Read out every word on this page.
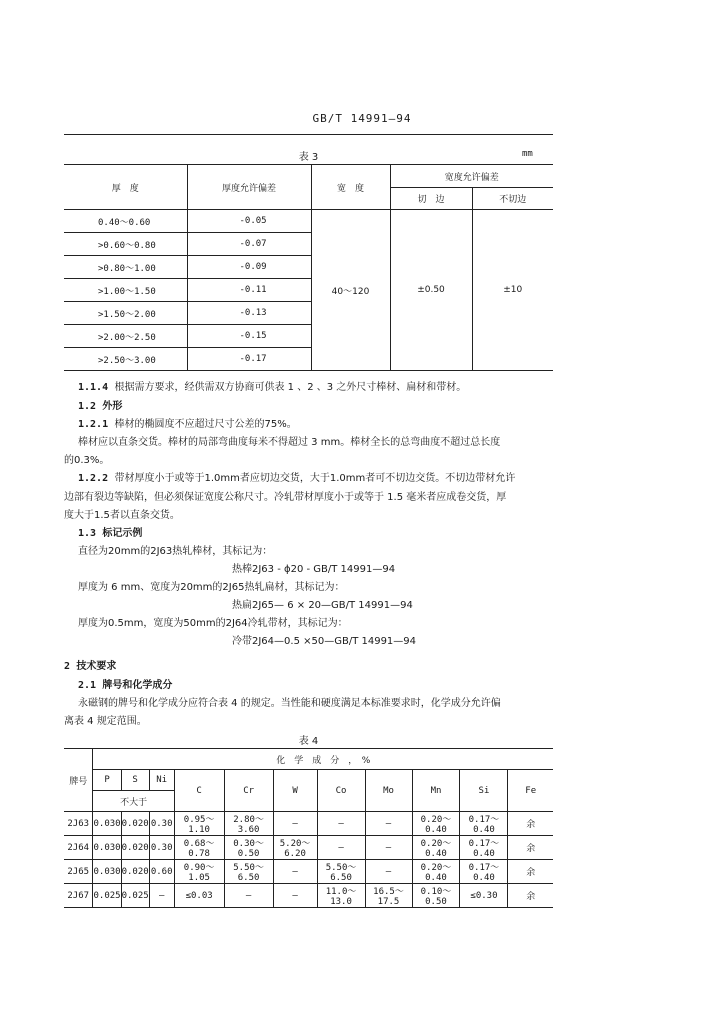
GB/T 14991—94
表 3	mm
厚　度	厚度允许偏差	宽　度	宽度允许偏差	
			切　边	不切边
0.40～0.60	-0.05	40～120	±0.50	±10
>0.60～0.80	-0.07			
>0.80～1.00	-0.09			
>1.00～1.50	-0.11			
>1.50～2.00	-0.13			
>2.00～2.50	-0.15			
>2.50～3.00	-0.17			
1.1.4 根据需方要求，经供需双方协商可供表 1 、2 、3 之外尺寸棒材、扁材和带材。
1.2 外形
1.2.1 棒材的椭圆度不应超过尺寸公差的75%。
棒材应以直条交货。棒材的局部弯曲度每米不得超过 3 mm。棒材全长的总弯曲度不超过总长度
的0.3%。
1.2.2 带材厚度小于或等于1.0mm者应切边交货，大于1.0mm者可不切边交货。不切边带材允许
边部有裂边等缺陷，但必须保证宽度公称尺寸。冷轧带材厚度小于或等于 1.5 毫米者应成卷交货，厚
度大于1.5者以直条交货。
1.3 标记示例
直径为20mm的2J63热轧棒材，其标记为：
热棒2J63 - ϕ20 - GB/T 14991—94
厚度为 6 mm、宽度为20mm的2J65热轧扁材，其标记为：
热扁2J65— 6 × 20—GB/T 14991—94
厚度为0.5mm，宽度为50mm的2J64冷轧带材，其标记为：
冷带2J64—0.5 ×50—GB/T 14991—94
2 技术要求
2.1 牌号和化学成分
永磁钢的牌号和化学成分应符合表 4 的规定。当性能和硬度满足本标准要求时，化学成分允许偏
离表 4 规定范围。
表 4
牌号	化　学　成　分　，　%										
	P	S	Ni	C	Cr	W	Co	Mo	Mn	Si	Fe
	不大于										
2J63	0.030	0.020	0.30	0.95～1.10	2.80～3.60	—	—	—	0.20～0.40	0.17～0.40	余
2J64	0.030	0.020	0.30	0.68～0.78	0.30～0.50	5.20～6.20	—	—	0.20～0.40	0.17～0.40	余
2J65	0.030	0.020	0.60	0.90～1.05	5.50～6.50	—	5.50～6.50	—	0.20～0.40	0.17～0.40	余
2J67	0.025	0.025	—	≤0.03	—	—	11.0～13.0	16.5～17.5	0.10～0.50	≤0.30	余
